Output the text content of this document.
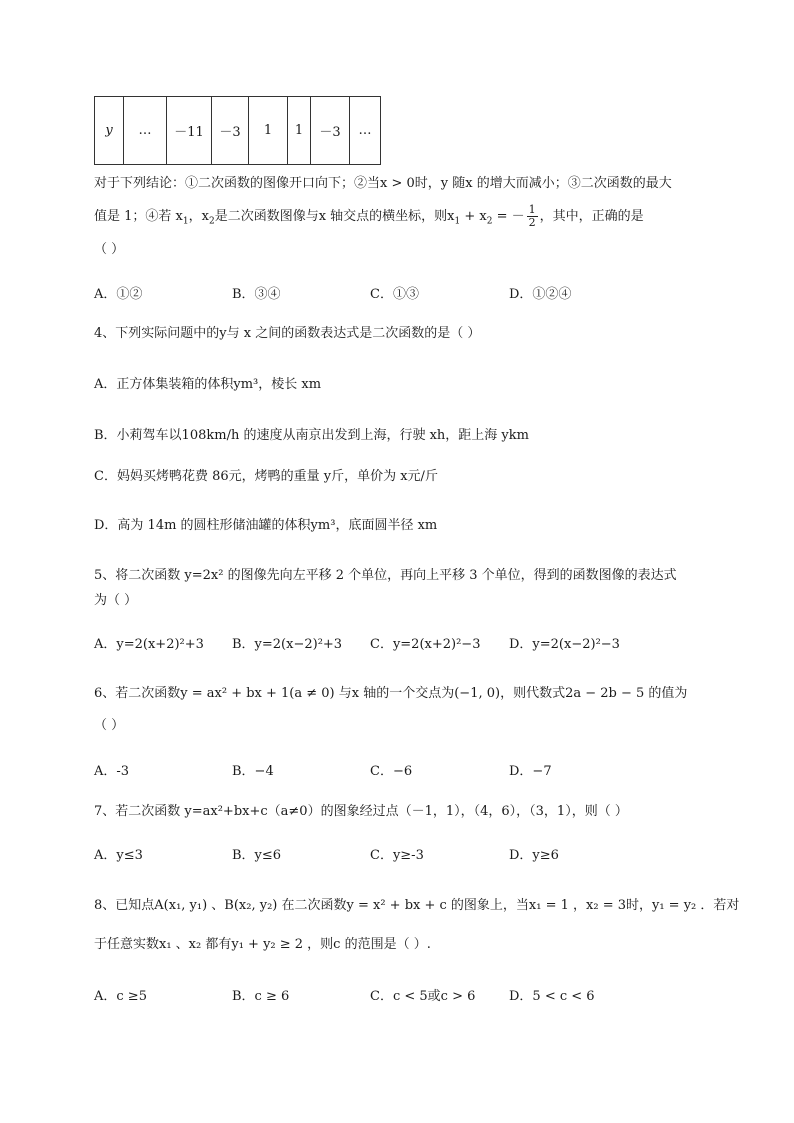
y	…	－11	－3	1	1	－3	…
对于下列结论：①二次函数的图像开口向下；②当x > 0时，y 随x 的增大而减小；③二次函数的最大
值是 1；④若 $x_1$，$x_2$是二次函数图像与x 轴交点的横坐标，则$x_1 + x_2$ = － $\frac{1}{2}$ ，其中，正确的是
（ ）
A．①②	B．③④	C．①③	D．①②④
4、下列实际问题中的y与 x 之间的函数表达式是二次函数的是（ ）
A．正方体集装箱的体积ym³，棱长 xm
B．小莉驾车以108km/h 的速度从南京出发到上海，行驶 xh，距上海 ykm
C．妈妈买烤鸭花费 86元，烤鸭的重量 y斤，单价为 x元/斤
D．高为 14m 的圆柱形储油罐的体积ym³，底面圆半径 xm
5、将二次函数 y=2x² 的图像先向左平移 2 个单位，再向上平移 3 个单位，得到的函数图像的表达式
为（ ）
A．y=2(x+2)²+3 B．y=2(x−2)²+3 C．y=2(x+2)²−3 D．y=2(x−2)²−3
6、若二次函数y = ax² + bx + 1(a ≠ 0) 与x 轴的一个交点为(−1, 0)，则代数式2a − 2b − 5 的值为
（ ）
A．-3	B．−4	C．−6	D．−7
7、若二次函数 y=ax²+bx+c（a≠0）的图象经过点（－1，1），（4，6），（3，1），则（ ）
A．y≤3	B．y≤6	C．y≥-3	D．y≥6
8、已知点A(x₁, y₁) 、B(x₂, y₂) 在二次函数y = x² + bx + c 的图象上，当x₁ = 1 ，x₂ = 3时，y₁ = y₂ ．若对
于任意实数x₁ 、x₂ 都有y₁ + y₂ ≥ 2 ，则c 的范围是（ ）.
A．c ≥5	B．c ≥ 6	C．c < 5或c > 6	D．5 < c < 6
